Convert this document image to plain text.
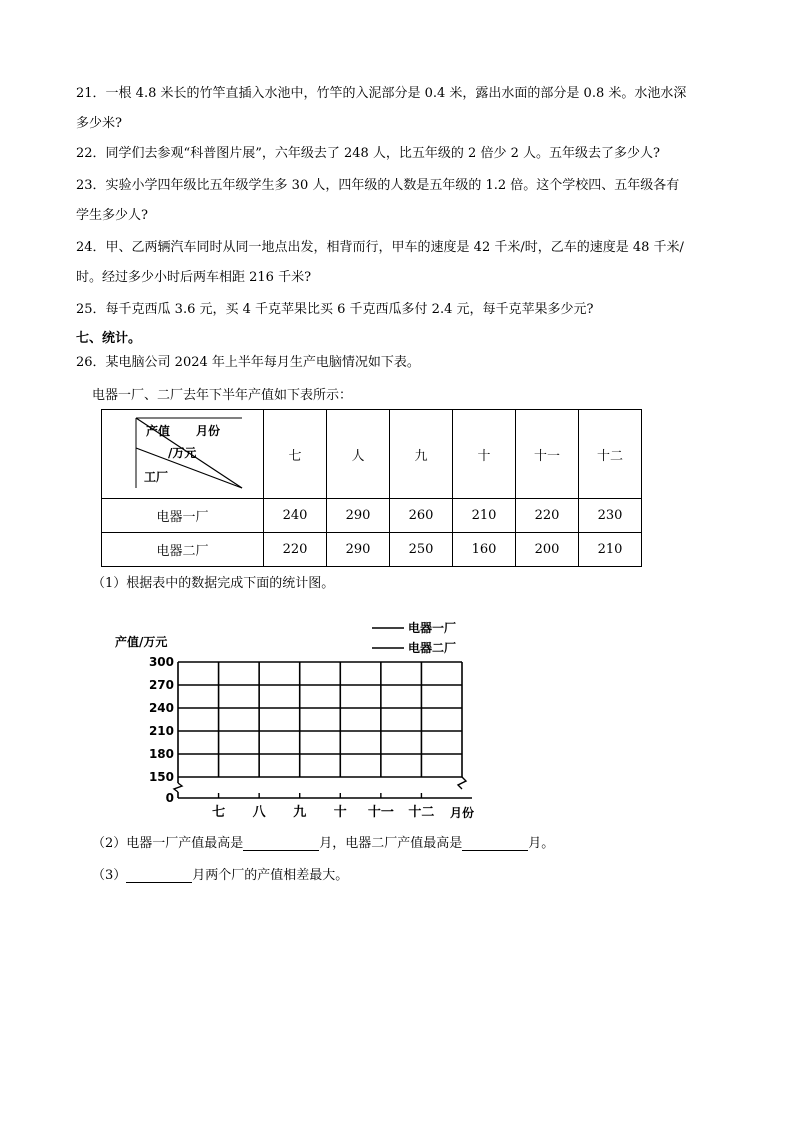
21．一根 4.8 米长的竹竿直插入水池中，竹竿的入泥部分是 0.4 米，露出水面的部分是 0.8 米。水池水深
多少米?
22．同学们去参观“科普图片展”，六年级去了 248 人，比五年级的 2 倍少 2 人。五年级去了多少人?
23．实验小学四年级比五年级学生多 30 人，四年级的人数是五年级的 1.2 倍。这个学校四、五年级各有
学生多少人?
24．甲、乙两辆汽车同时从同一地点出发，相背而行，甲车的速度是 42 千米/时，乙车的速度是 48 千米/
时。经过多少小时后两车相距 216 千米?
25．每千克西瓜 3.6 元，买 4 千克苹果比买 6 千克西瓜多付 2.4 元，每千克苹果多少元?
七、统计。
26．某电脑公司 2024 年上半年每月生产电脑情况如下表。
电器一厂、二厂去年下半年产值如下表所示：
产值 月份
/万元
工厂	七	人	九	十	十一	十二
电器一厂	240	290	260	210	220	230
电器二厂	220	290	250	160	200	210
（1）根据表中的数据完成下面的统计图。
产值/万元
电器一厂
电器二厂
300
270
240
210
180
150
0
七 八 九 十 十一 十二 月份
（2）电器一厂产值最高是	月，电器二厂产值最高是	月。
（3）	月两个厂的产值相差最大。
